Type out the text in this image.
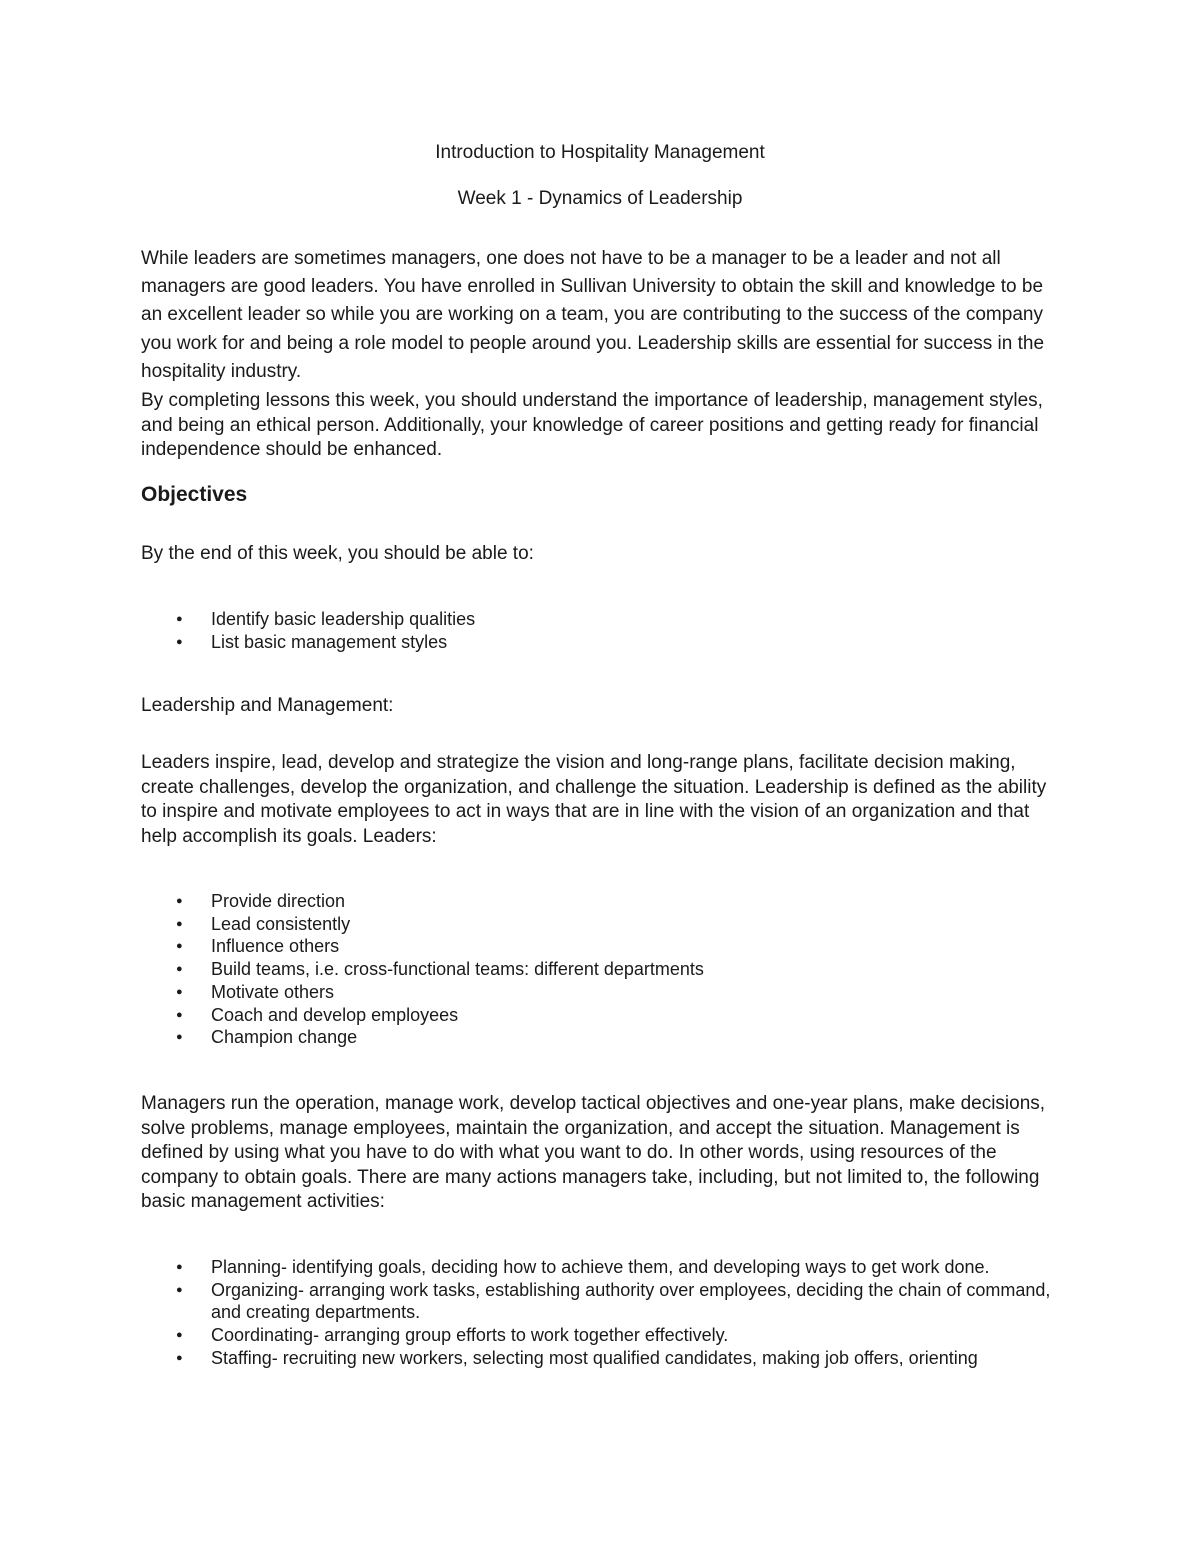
Introduction to Hospitality Management
Week 1 - Dynamics of Leadership

While leaders are sometimes managers, one does not have to be a manager to be a leader and not all managers are good leaders. You have enrolled in Sullivan University to obtain the skill and knowledge to be an excellent leader so while you are working on a team, you are contributing to the success of the company you work for and being a role model to people around you. Leadership skills are essential for success in the hospitality industry.

By completing lessons this week, you should understand the importance of leadership, management styles, and being an ethical person. Additionally, your knowledge of career positions and getting ready for financial independence should be enhanced.

Objectives

By the end of this week, you should be able to:

● Identify basic leadership qualities
● List basic management styles

Leadership and Management:

Leaders inspire, lead, develop and strategize the vision and long-range plans, facilitate decision making, create challenges, develop the organization, and challenge the situation. Leadership is defined as the ability to inspire and motivate employees to act in ways that are in line with the vision of an organization and that help accomplish its goals. Leaders:

● Provide direction
● Lead consistently
● Influence others
● Build teams, i.e. cross-functional teams: different departments
● Motivate others
● Coach and develop employees
● Champion change

Managers run the operation, manage work, develop tactical objectives and one-year plans, make decisions, solve problems, manage employees, maintain the organization, and accept the situation. Management is defined by using what you have to do with what you want to do. In other words, using resources of the company to obtain goals. There are many actions managers take, including, but not limited to, the following basic management activities:

● Planning- identifying goals, deciding how to achieve them, and developing ways to get work done.
● Organizing- arranging work tasks, establishing authority over employees, deciding the chain of command, and creating departments.
● Coordinating- arranging group efforts to work together effectively.
● Staffing- recruiting new workers, selecting most qualified candidates, making job offers, orienting
